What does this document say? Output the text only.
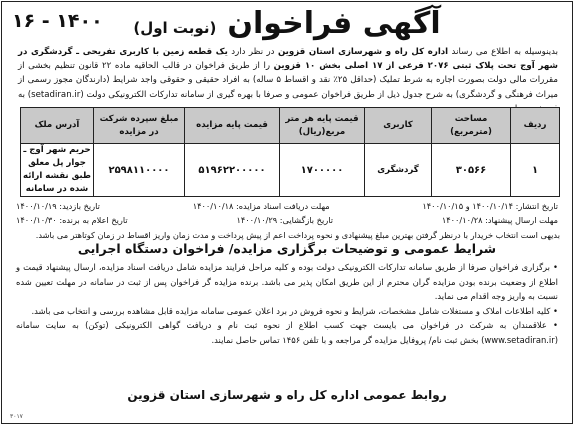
۱۶ - ۱۴۰۰	آگهی فراخوان (نوبت اول)
بدینوسیله به اطلاع می رساند اداره کل راه و شهرسازی استان قزوین در نظر دارد یک قطعه زمین با کاربری تفریحی ـ گردشگری در شهر آوج تحت پلاک ثبتی ۲۰۷۶ فرعی از ۱۷ اصلی بخش ۱۰ قزوین را از طریق فراخوان در قالب الحاقیه ماده ۲۲ قانون تنظیم بخشی از مقررات مالی دولت بصورت اجاره به شرط تملیک (حداقل ۲۵٪ نقد و اقساط ۵ ساله) به افراد حقیقی و حقوقی واجد شرایط (دارندگان مجوز رسمی از میراث فرهنگی و گردشگری) به شرح جدول ذیل از طریق فراخوان عمومی و صرفا با بهره گیری از سامانه تدارکات الکترونیکی دولت (setadiran.ir) به
ردیف	مساحت (مترمربع)	کاربری	قیمت پایه هر متر مربع(ریال)	قیمت پایه مزایده	مبلغ سپرده شرکت در مزایده	آدرس ملک
۱	۳۰۵۶۶	گردشگری	۱۷۰۰۰۰۰	۵۱۹۶۲۲۰۰۰۰۰	۲۵۹۸۱۱۰۰۰۰	حریم شهر آوج ـ جوار پل معلق طبق نقشه ارائه شده در سامانه
تاریخ انتشار: ۱۴۰۰/۱۰/۱۴ و ۱۴۰۰/۱۰/۱۵
مهلت دریافت اسناد مزایده: ۱۴۰۰/۱۰/۱۸
تاریخ بازدید: ۱۴۰۰/۱۰/۱۹
مهلت ارسال پیشنهاد: ۱۴۰۰/۱۰/۲۸
تاریخ بازگشایی: ۱۴۰۰/۱۰/۲۹
تاریخ اعلام به برنده: ۱۴۰۰/۱۰/۳۰
بدیهی است انتخاب خریدار با درنظر گرفتن بهترین مبلغ پیشنهادی و نحوه پرداخت اعم از پیش پرداخت و مدت زمان واریز اقساط در زمان کوتاهتر می باشد.
شرایط عمومی و توضیحات برگزاری مزایده/ فراخوان دستگاه اجرایی
• برگزاری فراخوان صرفا از طریق سامانه تدارکات الکترونیکی دولت بوده و کلیه مراحل فرایند مزایده شامل دریافت اسناد مزایده، ارسال پیشنهاد قیمت و اطلاع از وضعیت برنده بودن مزایده گران محترم از این طریق امکان پذیر می باشد. برنده مزایده گر فراخوان پس از ثبت در سامانه در مهلت تعیین شده نسبت به واریز وجه اقدام می نماید.
• کلیه اطلاعات املاک و مستغلات شامل مشخصات، شرایط و نحوه فروش در برد اعلان عمومی سامانه مزایده قابل مشاهده بررسی و انتخاب می باشد.
• علاقمندان به شرکت در فراخوان می بایست جهت کسب اطلاع از نحوه ثبت نام و دریافت گواهی الکترونیکی (توکن) به سایت سامانه (www.setadiran.ir) بخش ثبت نام/ پروفایل مزایده گر مراجعه و با تلفن ۱۴۵۶ تماس حاصل نمایند.
روابط عمومی اداره کل راه و شهرسازی استان قزوین
۳۰۱۷
